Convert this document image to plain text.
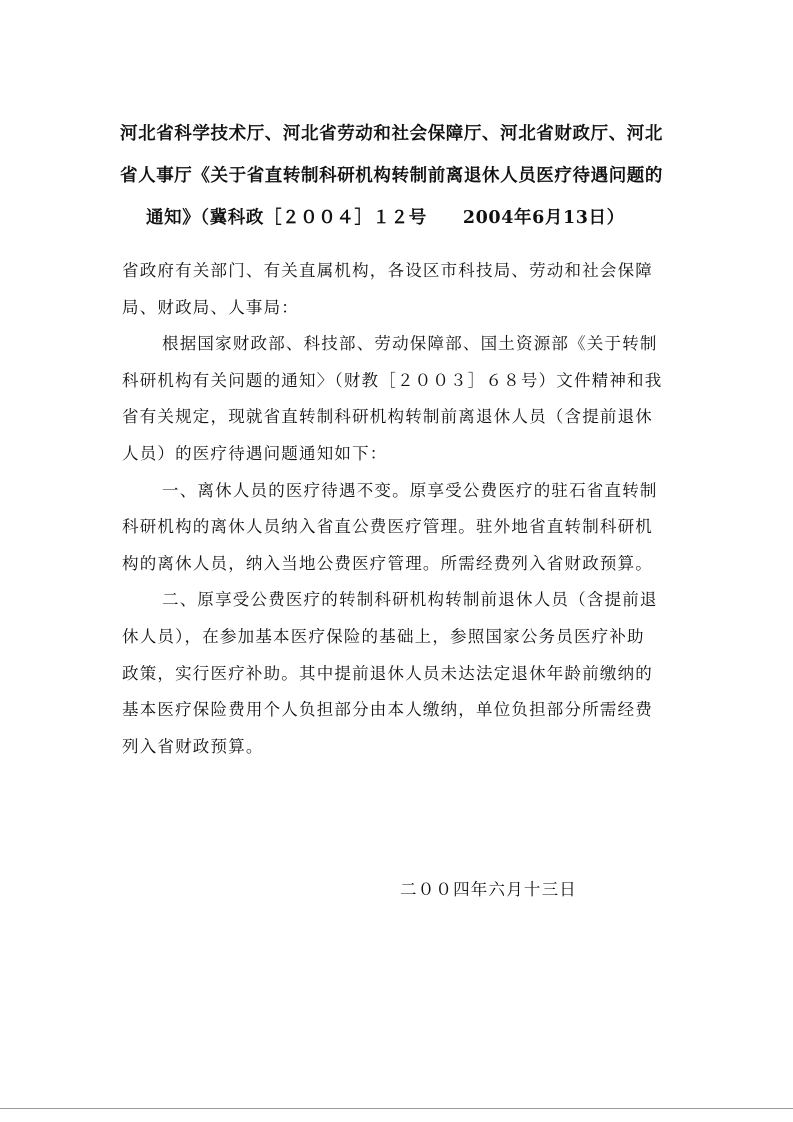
河北省科学技术厅、河北省劳动和社会保障厅、河北省财政厅、河北
省人事厅《关于省直转制科研机构转制前离退休人员医疗待遇问题的
通知》（冀科政［２００４］１２号 2004年6月13日）

省政府有关部门、有关直属机构，各设区市科技局、劳动和社会保障
局、财政局、人事局：

根据国家财政部、科技部、劳动保障部、国土资源部《关于转制
科研机构有关问题的通知〉（财教［２００３］６８号）文件精神和我
省有关规定，现就省直转制科研机构转制前离退休人员（含提前退休
人员）的医疗待遇问题通知如下：

一、离休人员的医疗待遇不变。原享受公费医疗的驻石省直转制
科研机构的离休人员纳入省直公费医疗管理。驻外地省直转制科研机
构的离休人员，纳入当地公费医疗管理。所需经费列入省财政预算。

二、原享受公费医疗的转制科研机构转制前退休人员（含提前退
休人员），在参加基本医疗保险的基础上，参照国家公务员医疗补助
政策，实行医疗补助。其中提前退休人员未达法定退休年龄前缴纳的
基本医疗保险费用个人负担部分由本人缴纳，单位负担部分所需经费
列入省财政预算。

二００四年六月十三日
